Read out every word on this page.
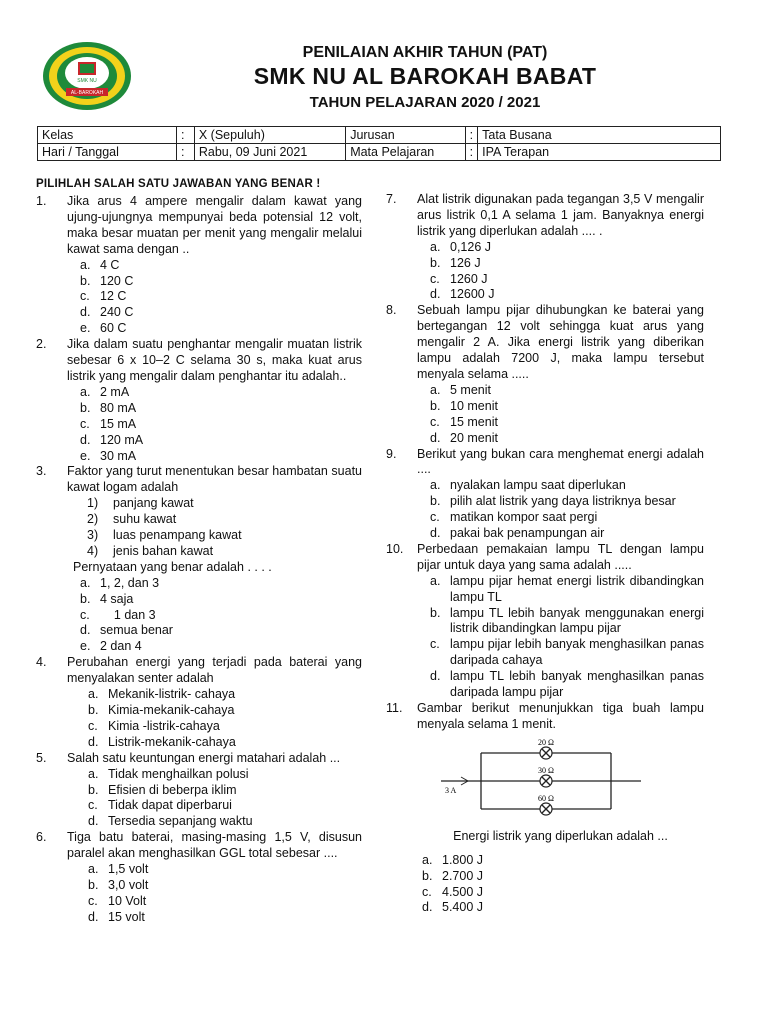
SMK NU
AL-BAROKAH
PENILAIAN AKHIR TAHUN (PAT)
SMK NU AL BAROKAH BABAT
TAHUN PELAJARAN 2020 / 2021
Kelas	:	X (Sepuluh)	Jurusan	:	Tata Busana
Hari / Tanggal	:	Rabu, 09 Juni 2021	Mata Pelajaran	:	IPA Terapan
PILIHLAH SALAH SATU JAWABAN YANG BENAR !
1.	Jika arus 4 ampere mengalir dalam kawat yang ujung-ujungnya mempunyai beda potensial 12 volt, maka besar muatan per menit yang mengalir melalui kawat sama dengan ..
a. 4 C
b. 120 C
c. 12 C
d. 240 C
e. 60 C
2.	Jika dalam suatu penghantar mengalir muatan listrik sebesar 6 x 10–2 C selama 30 s, maka kuat arus listrik yang mengalir dalam penghantar itu adalah..
a. 2 mA
b. 80 mA
c. 15 mA
d. 120 mA
e. 30 mA
3.	Faktor yang turut menentukan besar hambatan suatu kawat logam adalah
1)	panjang kawat
2)	suhu kawat
3)	luas penampang kawat
4)	jenis bahan kawat
Pernyataan yang benar adalah . . . .
a. 1, 2, dan 3
b. 4 saja
c. 1 dan 3
d. semua benar
e. 2 dan 4
4.	Perubahan energi yang terjadi pada baterai yang menyalakan senter adalah
a. Mekanik-listrik- cahaya
b. Kimia-mekanik-cahaya
c. Kimia -listrik-cahaya
d. Listrik-mekanik-cahaya
5.	Salah satu keuntungan energi matahari adalah ...
a. Tidak menghailkan polusi
b. Efisien di beberpa iklim
c. Tidak dapat diperbarui
d. Tersedia sepanjang waktu
6.	Tiga batu baterai, masing-masing 1,5 V, disusun paralel akan menghasilkan GGL total sebesar ....
a. 1,5 volt
b. 3,0 volt
c. 10 Volt
d. 15 volt
7.	Alat listrik digunakan pada tegangan 3,5 V mengalir arus listrik 0,1 A selama 1 jam. Banyaknya energi listrik yang diperlukan adalah .... .
a. 0,126 J
b. 126 J
c. 1260 J
d. 12600 J
8.	Sebuah lampu pijar dihubungkan ke baterai yang bertegangan 12 volt sehingga kuat arus yang mengalir 2 A. Jika energi listrik yang diberikan lampu adalah 7200 J, maka lampu tersebut menyala selama .....
a. 5 menit
b. 10 menit
c. 15 menit
d. 20 menit
9.	Berikut yang bukan cara menghemat energi adalah ....
a. nyalakan lampu saat diperlukan
b. pilih alat listrik yang daya listriknya besar
c. matikan kompor saat pergi
d. pakai bak penampungan air
10.	Perbedaan pemakaian lampu TL dengan lampu pijar untuk daya yang sama adalah .....
a. lampu pijar hemat energi listrik dibandingkan lampu TL
b. lampu TL lebih banyak menggunakan energi listrik dibandingkan lampu pijar
c. lampu pijar lebih banyak menghasilkan panas daripada cahaya
d. lampu TL lebih banyak menghasilkan panas daripada lampu pijar
11.	Gambar berikut menunjukkan tiga buah lampu menyala selama 1 menit.
20 Ω
30 Ω
60 Ω
3 A
Energi listrik yang diperlukan adalah ...
a. 1.800 J
b. 2.700 J
c. 4.500 J
d. 5.400 J
